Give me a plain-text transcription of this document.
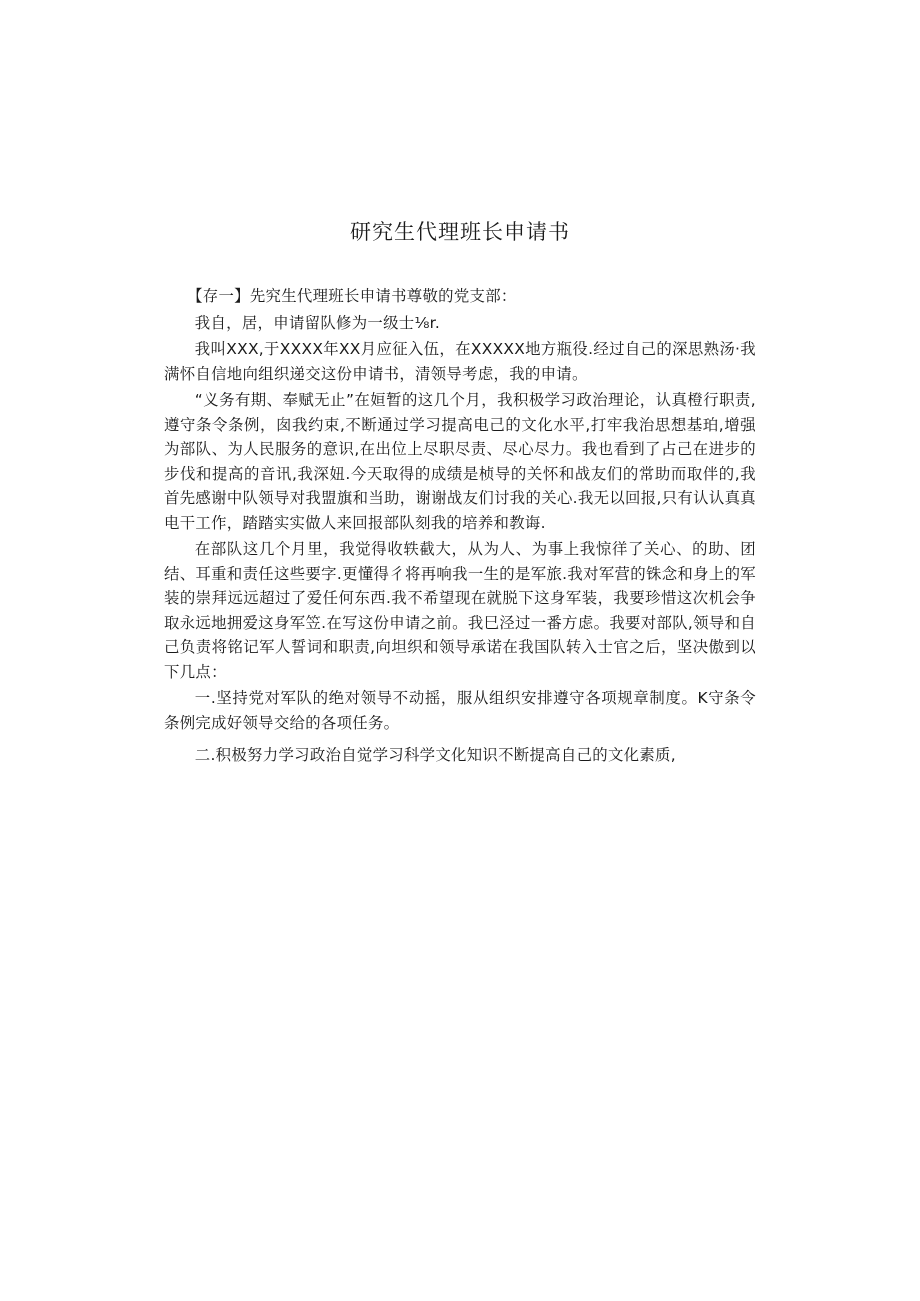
研究生代理班长申请书

【存一】先究生代理班长申请书尊敬的党支部：

我自，居，申请留队修为一级士⅛r.

我叫XXX,于XXXX年XX月应征入伍，在XXXXX地方瓶役.经过自己的深思熟汤·我满怀自信地向组织递交这份申请书，清领导考虑，我的申请。

“义务有期、奉赋无止”在姮暂的这几个月，我积极学习政治理论，认真橙行职责,遵守条令条例，囱我约束,不断通过学习提高电己的文化水平,打牢我治思想基珀,增强为部队、为人民服务的意识,在出位上尽职尽责、尽心尽力。我也看到了占己在进步的步伐和提高的音讯,我深妞.今天取得的成绩是桢导的关怀和战友们的常助而取伴的,我首先感谢中队领导对我盟旗和当助，谢谢战友们讨我的关心.我无以回报,只有认认真真电干工作，踏踏实实做人来回报部队刻我的培养和教诲.

在部队这几个月里，我觉得收轶截大，从为人、为事上我惊徉了关心、的助、团结、耳重和责任这些要字.更懂得彳将再响我一生的是军旅.我对军营的铢念和身上的军装的崇拜远远超过了爱任何东西.我不希望现在就脱下这身军装，我要珍惜这次机会争取永远地拥爱这身军笠.在写这份申请之前。我巳泾过一番方虑。我要对部队,领导和自己负责将铭记军人誓词和职责,向坦织和领导承诺在我国队转入士官之后，坚决傲到以下几点：

一.坚持党对军队的绝对领导不动摇，服从组织安排遵守各项规章制度。K守条令条例完成好领导交给的各项任务。

二.积极努力学习政治自觉学习科学文化知识不断提高自己的文化素质,
